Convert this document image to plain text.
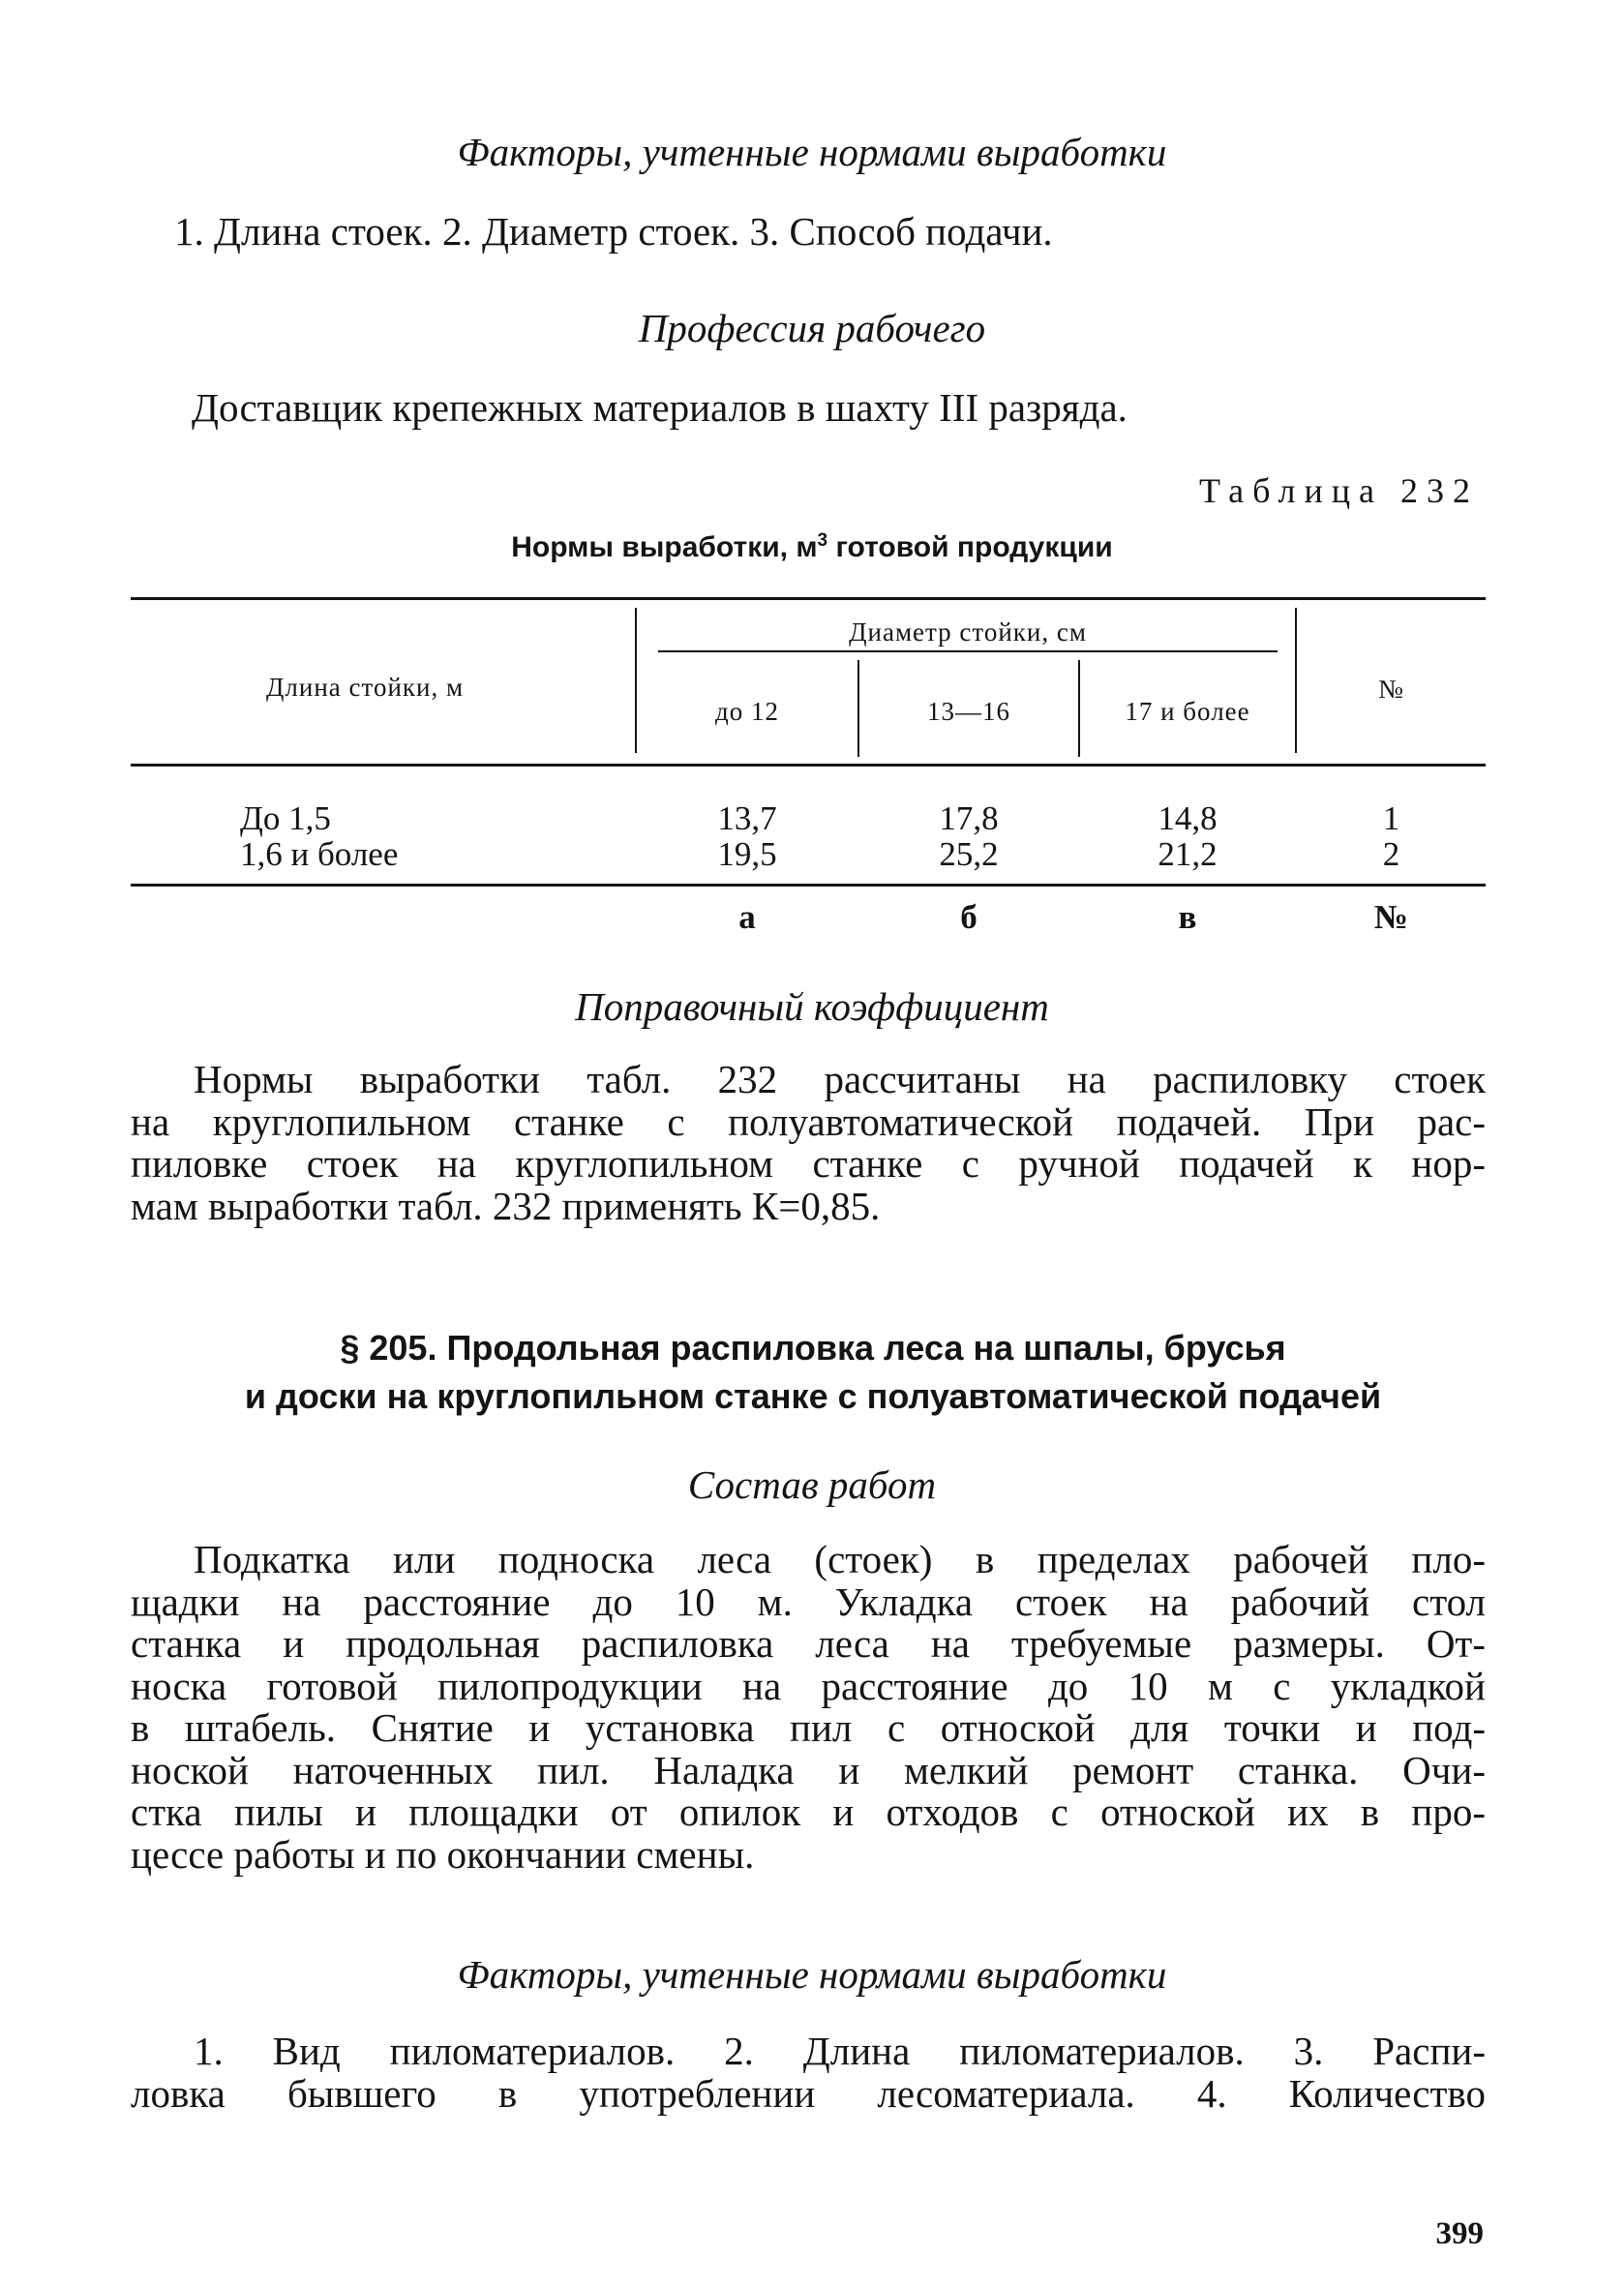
Факторы, учтенные нормами выработки

1. Длина стоек. 2. Диаметр стоек. 3. Способ подачи.

Профессия рабочего

Доставщик крепежных материалов в шахту III разряда.

Таблица 232
Нормы выработки, $м^3$ готовой продукции
Длина стойки, м
Диаметр стойки, см
до 12	13—16	17 и более
№
До 1,5	13,7	17,8	14,8	1
1,6 и более	19,5	25,2	21,2	2
а	б	в	№
Поправочный коэффициент
Нормы выработки табл. 232 рассчитаны на распиловку стоек
на круглопильном станке с полуавтоматической подачей. При рас-
пиловке стоек на круглопильном станке с ручной подачей к нор-
мам выработки табл. 232 применять К=0,85.
§ 205. Продольная распиловка леса на шпалы, брусья
и доски на круглопильном станке с полуавтоматической подачей
Состав работ
Подкатка или подноска леса (стоек) в пределах рабочей пло-
щадки на расстояние до 10 м. Укладка стоек на рабочий стол
станка и продольная распиловка леса на требуемые размеры. От-
носка готовой пилопродукции на расстояние до 10 м с укладкой
в штабель. Снятие и установка пил с отноской для точки и под-
ноской наточенных пил. Наладка и мелкий ремонт станка. Очи-
стка пилы и площадки от опилок и отходов с отноской их в про-
цессе работы и по окончании смены.
Факторы, учтенные нормами выработки
1. Вид пиломатериалов. 2. Длина пиломатериалов. 3. Распи-
ловка бывшего в употреблении лесоматериала. 4. Количество
399
